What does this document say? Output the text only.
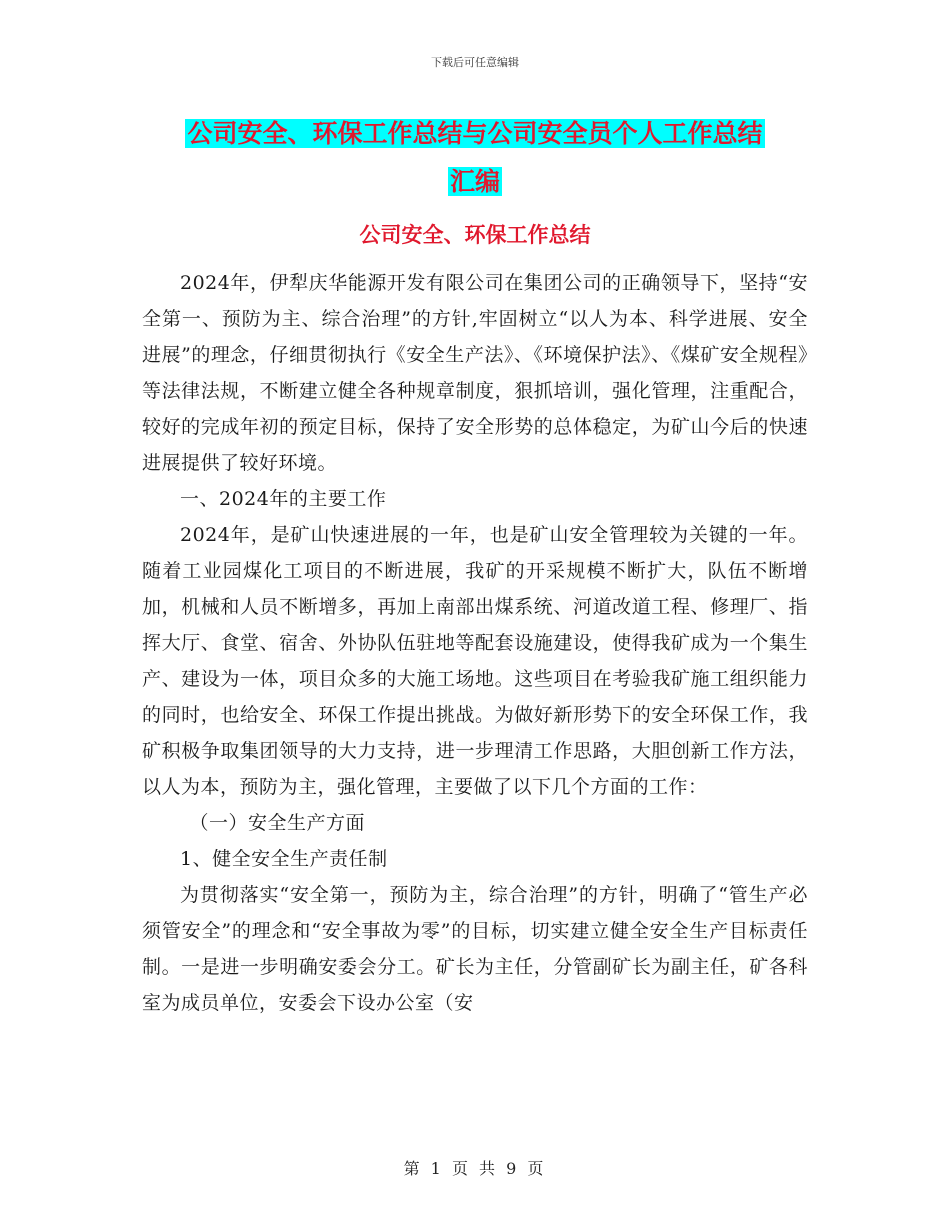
下载后可任意编辑
公司安全、环保工作总结与公司安全员个人工作总结
汇编
公司安全、环保工作总结

2024年，伊犁庆华能源开发有限公司在集团公司的正确领导下，坚持“安全第一、预防为主、综合治理”的方针,牢固树立“以人为本、科学进展、安全进展”的理念，仔细贯彻执行《安全生产法》、《环境保护法》、《煤矿安全规程》等法律法规，不断建立健全各种规章制度，狠抓培训，强化管理，注重配合，较好的完成年初的预定目标，保持了安全形势的总体稳定，为矿山今后的快速进展提供了较好环境。

一、2024年的主要工作

2024年，是矿山快速进展的一年，也是矿山安全管理较为关键的一年。随着工业园煤化工项目的不断进展，我矿的开采规模不断扩大，队伍不断增加，机械和人员不断增多，再加上南部出煤系统、河道改道工程、修理厂、指挥大厅、食堂、宿舍、外协队伍驻地等配套设施建设，使得我矿成为一个集生产、建设为一体，项目众多的大施工场地。这些项目在考验我矿施工组织能力的同时，也给安全、环保工作提出挑战。为做好新形势下的安全环保工作，我矿积极争取集团领导的大力支持，进一步理清工作思路，大胆创新工作方法，以人为本，预防为主，强化管理，主要做了以下几个方面的工作：

（一）安全生产方面

1、健全安全生产责任制

为贯彻落实“安全第一，预防为主，综合治理”的方针，明确了“管生产必须管安全”的理念和“安全事故为零”的目标，切实建立健全安全生产目标责任制。一是进一步明确安委会分工。矿长为主任，分管副矿长为副主任，矿各科室为成员单位，安委会下设办公室（安

第 1 页 共 9 页
